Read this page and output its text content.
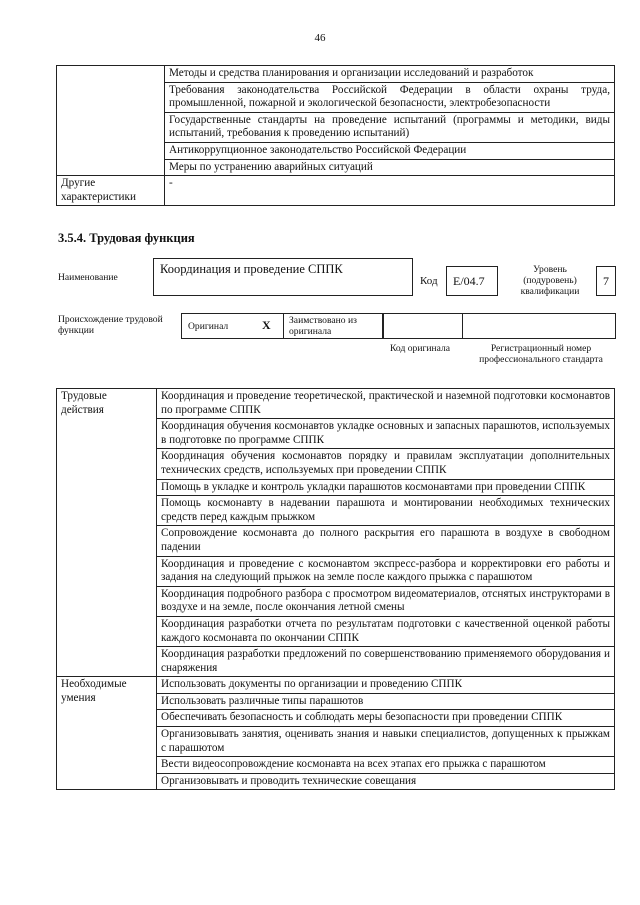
46
	Методы и средства планирования и организации исследований и разработок
	Требования законодательства Российской Федерации в области охраны труда, промышленной, пожарной и экологической безопасности, электробезопасности
	Государственные стандарты на проведение испытаний (программы и методики, виды испытаний, требования к проведению испытаний)
	Антикоррупционное законодательство Российской Федерации
	Меры по устранению аварийных ситуаций
Другие характеристики	-
3.5.4. Трудовая функция
Наименование
Координация и проведение СППК
Код E/04.7
Уровень (подуровень) квалификации
7
Происхождение трудовой функции	Оригинал	X Заимствовано из оригинала
Код оригинала	Регистрационный номер профессионального стандарта
Трудовые действия	Координация и проведение теоретической, практической и наземной подготовки космонавтов по программе СППК
	Координация обучения космонавтов укладке основных и запасных парашютов, используемых в подготовке по программе СППК
	Координация обучения космонавтов порядку и правилам эксплуатации дополнительных технических средств, используемых при проведении СППК
	Помощь в укладке и контроль укладки парашютов космонавтами при проведении СППК
	Помощь космонавту в надевании парашюта и монтировании необходимых технических средств перед каждым прыжком
	Сопровождение космонавта до полного раскрытия его парашюта в воздухе в свободном падении
	Координация и проведение с космонавтом экспресс-разбора и корректировки его работы и задания на следующий прыжок на земле после каждого прыжка с парашютом
	Координация подробного разбора с просмотром видеоматериалов, отснятых инструкторами в воздухе и на земле, после окончания летной смены
	Координация разработки отчета по результатам подготовки с качественной оценкой работы каждого космонавта по окончании СППК
	Координация разработки предложений по совершенствованию применяемого оборудования и снаряжения
Необходимые умения	Использовать документы по организации и проведению СППК
	Использовать различные типы парашютов
	Обеспечивать безопасность и соблюдать меры безопасности при проведении СППК
	Организовывать занятия, оценивать знания и навыки специалистов, допущенных к прыжкам с парашютом
	Вести видеосопровождение космонавта на всех этапах его прыжка с парашютом
	Организовывать и проводить технические совещания
